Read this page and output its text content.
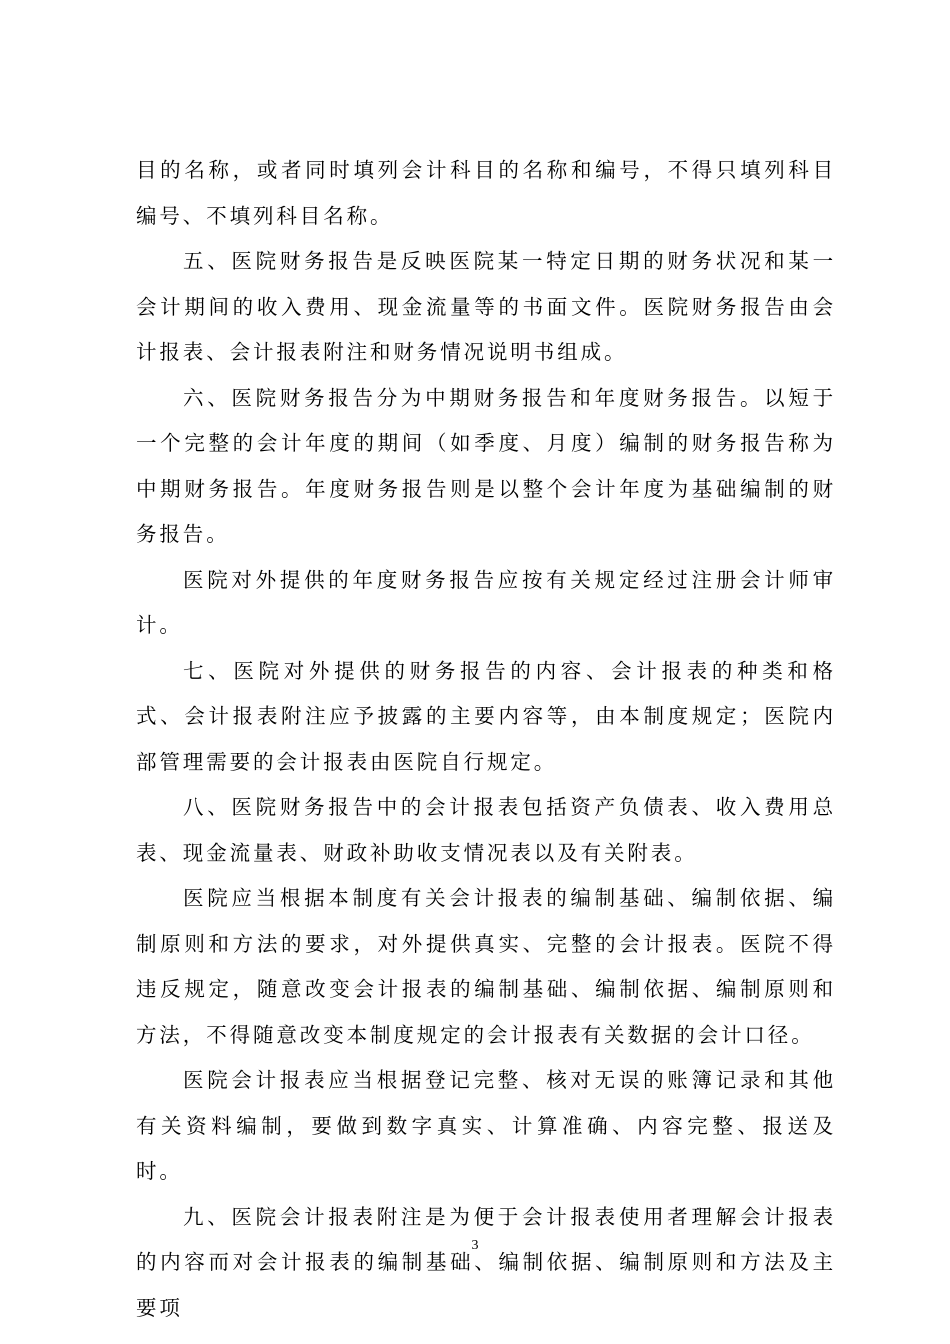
目的名称，或者同时填列会计科目的名称和编号，不得只填列科目编号、不填列科目名称。

五、医院财务报告是反映医院某一特定日期的财务状况和某一会计期间的收入费用、现金流量等的书面文件。医院财务报告由会计报表、会计报表附注和财务情况说明书组成。

六、医院财务报告分为中期财务报告和年度财务报告。以短于一个完整的会计年度的期间（如季度、月度）编制的财务报告称为中期财务报告。年度财务报告则是以整个会计年度为基础编制的财务报告。

医院对外提供的年度财务报告应按有关规定经过注册会计师审计。

七、医院对外提供的财务报告的内容、会计报表的种类和格式、会计报表附注应予披露的主要内容等，由本制度规定；医院内部管理需要的会计报表由医院自行规定。

八、医院财务报告中的会计报表包括资产负债表、收入费用总表、现金流量表、财政补助收支情况表以及有关附表。

医院应当根据本制度有关会计报表的编制基础、编制依据、编制原则和方法的要求，对外提供真实、完整的会计报表。医院不得违反规定，随意改变会计报表的编制基础、编制依据、编制原则和方法，不得随意改变本制度规定的会计报表有关数据的会计口径。

医院会计报表应当根据登记完整、核对无误的账簿记录和其他有关资料编制，要做到数字真实、计算准确、内容完整、报送及时。

九、医院会计报表附注是为便于会计报表使用者理解会计报表的内容而对会计报表的编制基础、编制依据、编制原则和方法及主要项

3
